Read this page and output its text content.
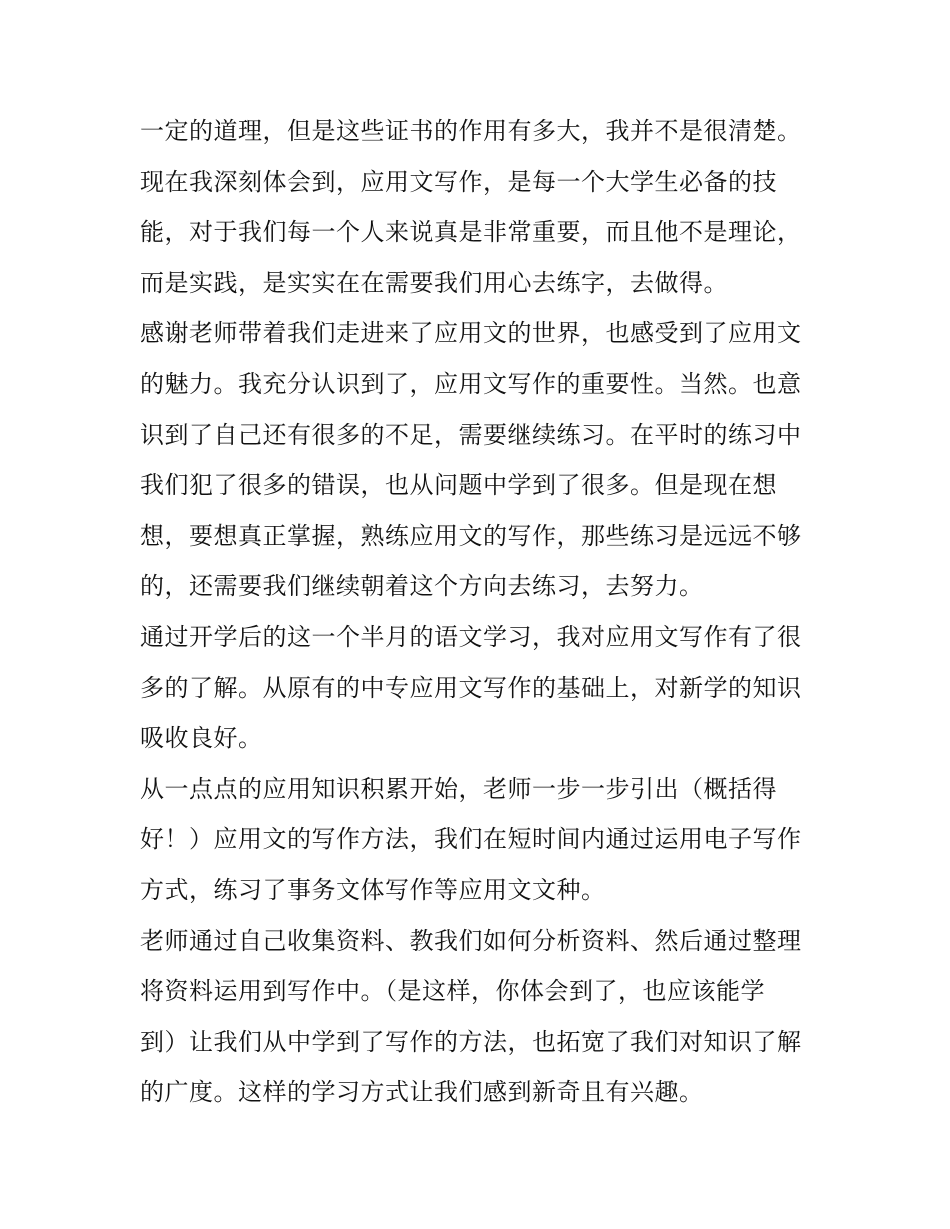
一定的道理，但是这些证书的作用有多大，我并不是很清楚。
现在我深刻体会到，应用文写作，是每一个大学生必备的技
能，对于我们每一个人来说真是非常重要，而且他不是理论，
而是实践，是实实在在需要我们用心去练字，去做得。
感谢老师带着我们走进来了应用文的世界，也感受到了应用文
的魅力。我充分认识到了，应用文写作的重要性。当然。也意
识到了自己还有很多的不足，需要继续练习。在平时的练习中
我们犯了很多的错误，也从问题中学到了很多。但是现在想
想，要想真正掌握，熟练应用文的写作，那些练习是远远不够
的，还需要我们继续朝着这个方向去练习，去努力。
通过开学后的这一个半月的语文学习，我对应用文写作有了很
多的了解。从原有的中专应用文写作的基础上，对新学的知识
吸收良好。
从一点点的应用知识积累开始，老师一步一步引出（概括得
好！）应用文的写作方法，我们在短时间内通过运用电子写作
方式，练习了事务文体写作等应用文文种。
老师通过自己收集资料、教我们如何分析资料、然后通过整理
将资料运用到写作中。（是这样，你体会到了，也应该能学
到）让我们从中学到了写作的方法，也拓宽了我们对知识了解
的广度。这样的学习方式让我们感到新奇且有兴趣。
